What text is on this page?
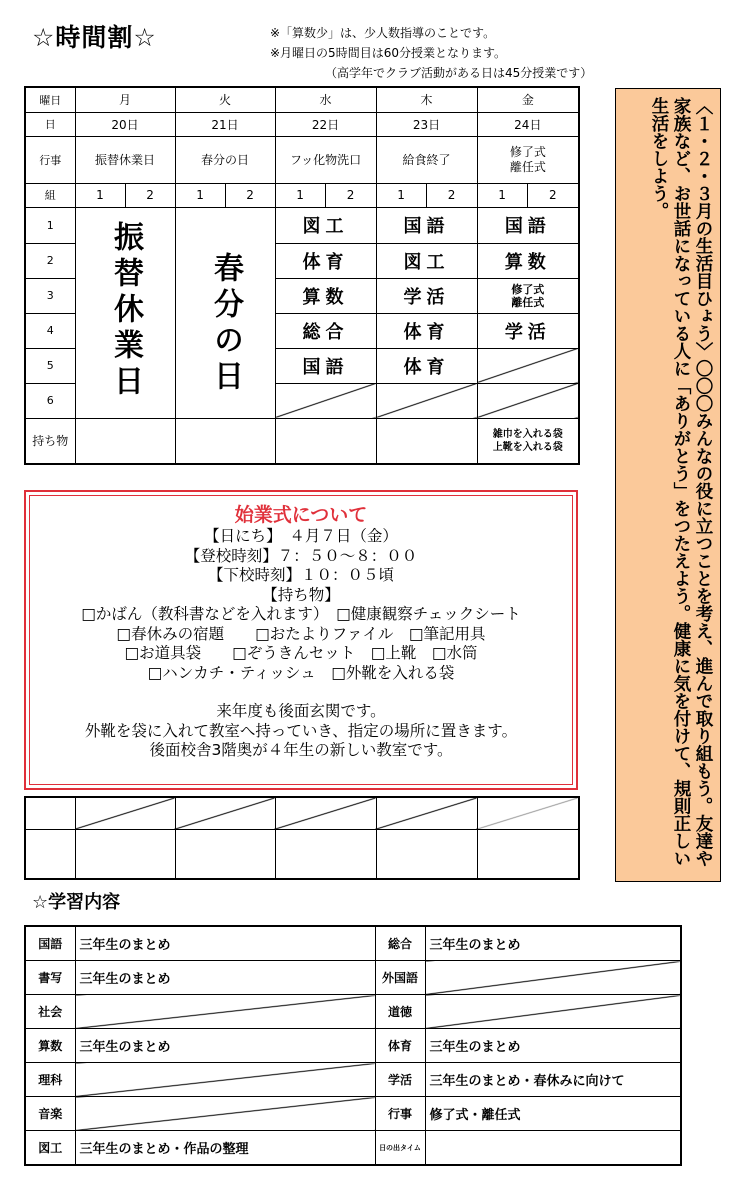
☆時間割☆	※「算数少」は、少人数指導のことです。
※月曜日の5時間目は60分授業となります。
（高学年でクラブ活動がある日は45分授業です）
曜日	月		火		水		木		金	
日	20日		21日		22日		23日		24日	
行事	振替休業日		春分の日		フッ化物洗口		給食終了		修了式
離任式	

組	1	2	1	2	1	2	1	2	1	2
1	振替休業日		春分の日		図工		国語		国語	
2					体育		図工		算数	
3					算数		学活		修了式
離任式	

4					総合		体育		学活	
5					国語		体育			
6										
持ち物									雑巾を入れる袋
上靴を入れる袋	

始業式について
【日にち】　４月７日（金）
【登校時刻】７：５０～８：００
【下校時刻】１０：０５頃
【持ち物】
□かばん（教科書などを入れます）　□健康観察チェックシート
□春休みの宿題　　□おたよりファイル　□筆記用具
□お道具袋　　□ぞうきんセット　□上靴　□水筒
□ハンカチ・ティッシュ　□外靴を入れる袋
来年度も後面玄関です。
外靴を袋に入れて教室へ持っていき、指定の場所に置きます。
後面校舎3階奥が４年生の新しい教室です。	〈１・２・３月の生活目ひょう〉〇〇〇みんなの役に立つことを考え、進んで取り組もう。友達や家族など、お世話になっている人に「ありがとう」をつたえよう。健康に気を付けて、規則正しい生活をしよう。
☆学習内容
国語	三年生のまとめ	総合	三年生のまとめ
書写	三年生のまとめ	外国語	
社会		道徳	
算数	三年生のまとめ	体育	三年生のまとめ
理科		学活	三年生のまとめ・春休みに向けて
音楽		行事	修了式・離任式
図工	三年生のまとめ・作品の整理	日の出タイム	
